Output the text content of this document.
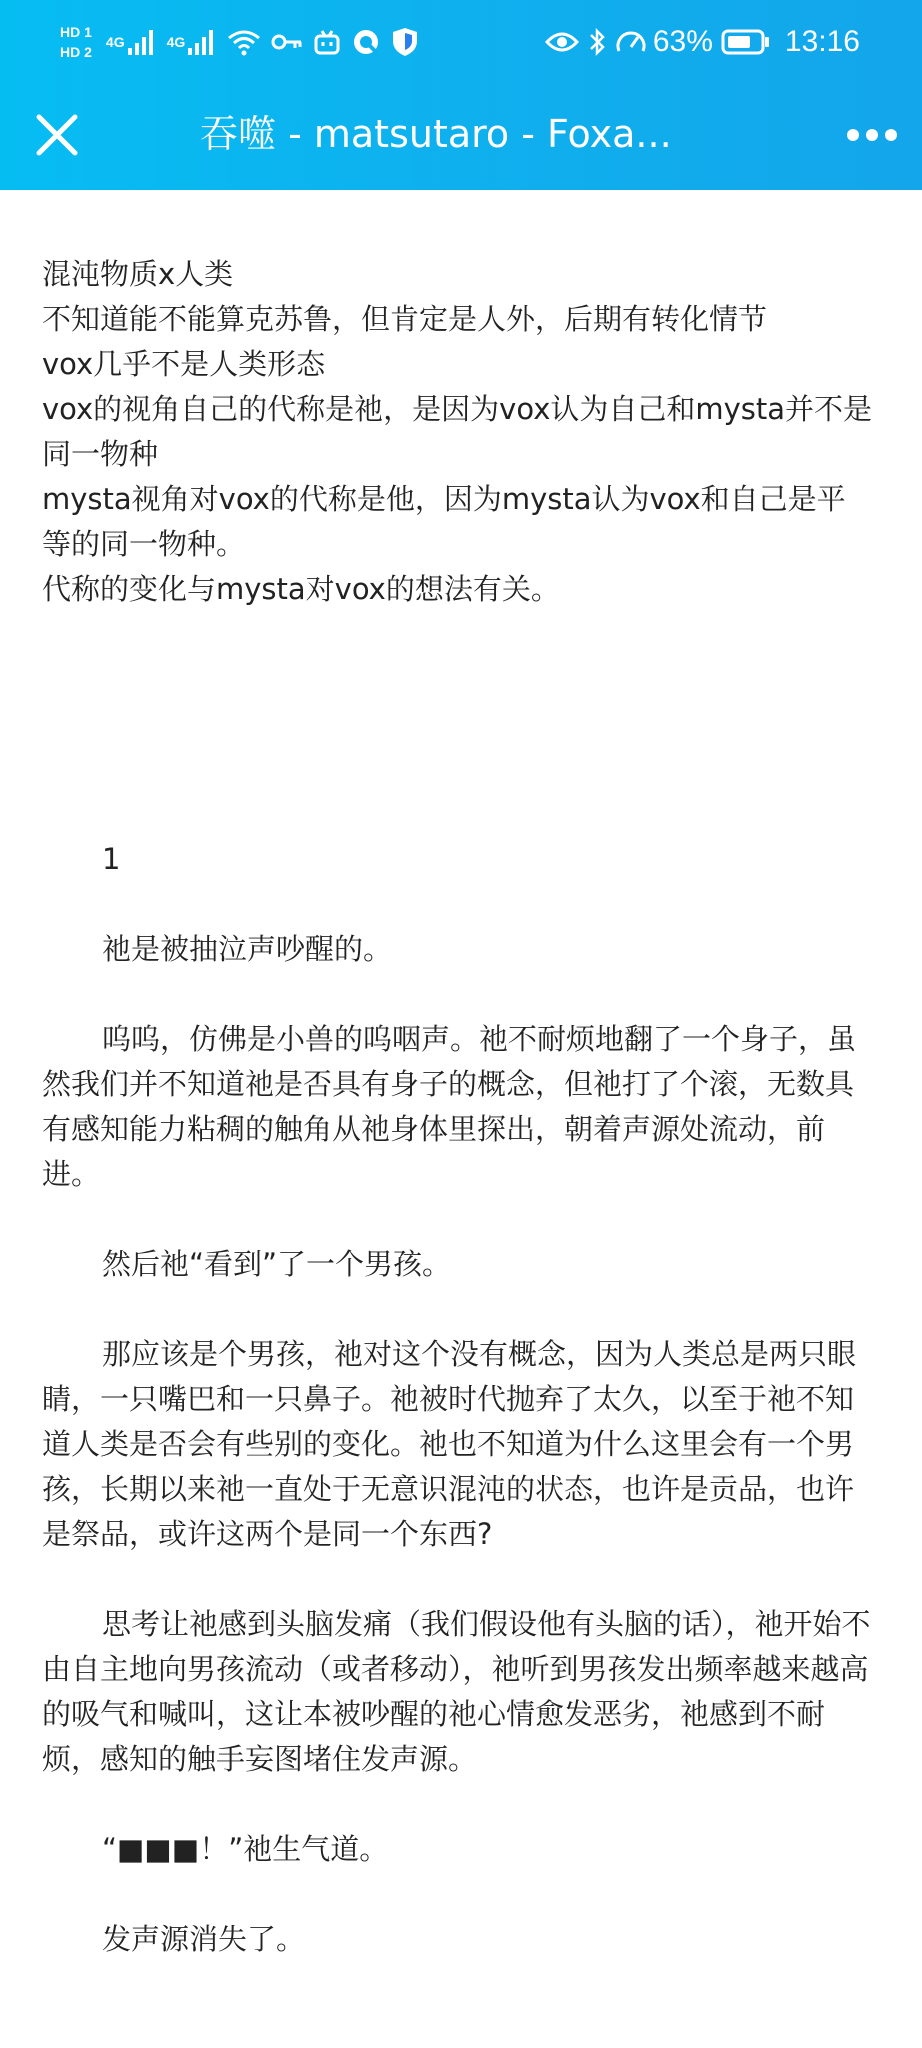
HD 1
HD 2
4G	4G	63% 13:16
吞噬 - matsutaro - Foxa...

混沌物质x人类

不知道能不能算克苏鲁，但肯定是人外，后期有转化情节

vox几乎不是人类形态

vox的视角自己的代称是祂，是因为vox认为自己和mysta并不是同一物种

mysta视角对vox的代称是他，因为mysta认为vox和自己是平等的同一物种。

代称的变化与mysta对vox的想法有关。

1

祂是被抽泣声吵醒的。

呜呜，仿佛是小兽的呜咽声。祂不耐烦地翻了一个身子，虽然我们并不知道祂是否具有身子的概念，但祂打了个滚，无数具有感知能力粘稠的触角从祂身体里探出，朝着声源处流动，前进。

然后祂“看到”了一个男孩。

那应该是个男孩，祂对这个没有概念，因为人类总是两只眼睛，一只嘴巴和一只鼻子。祂被时代抛弃了太久，以至于祂不知道人类是否会有些别的变化。祂也不知道为什么这里会有一个男孩，长期以来祂一直处于无意识混沌的状态，也许是贡品，也许是祭品，或许这两个是同一个东西?

思考让祂感到头脑发痛（我们假设他有头脑的话），祂开始不由自主地向男孩流动（或者移动），祂听到男孩发出频率越来越高的吸气和喊叫，这让本被吵醒的祂心情愈发恶劣，祂感到不耐烦，感知的触手妄图堵住发声源。

“■■■！”祂生气道。

发声源消失了。
